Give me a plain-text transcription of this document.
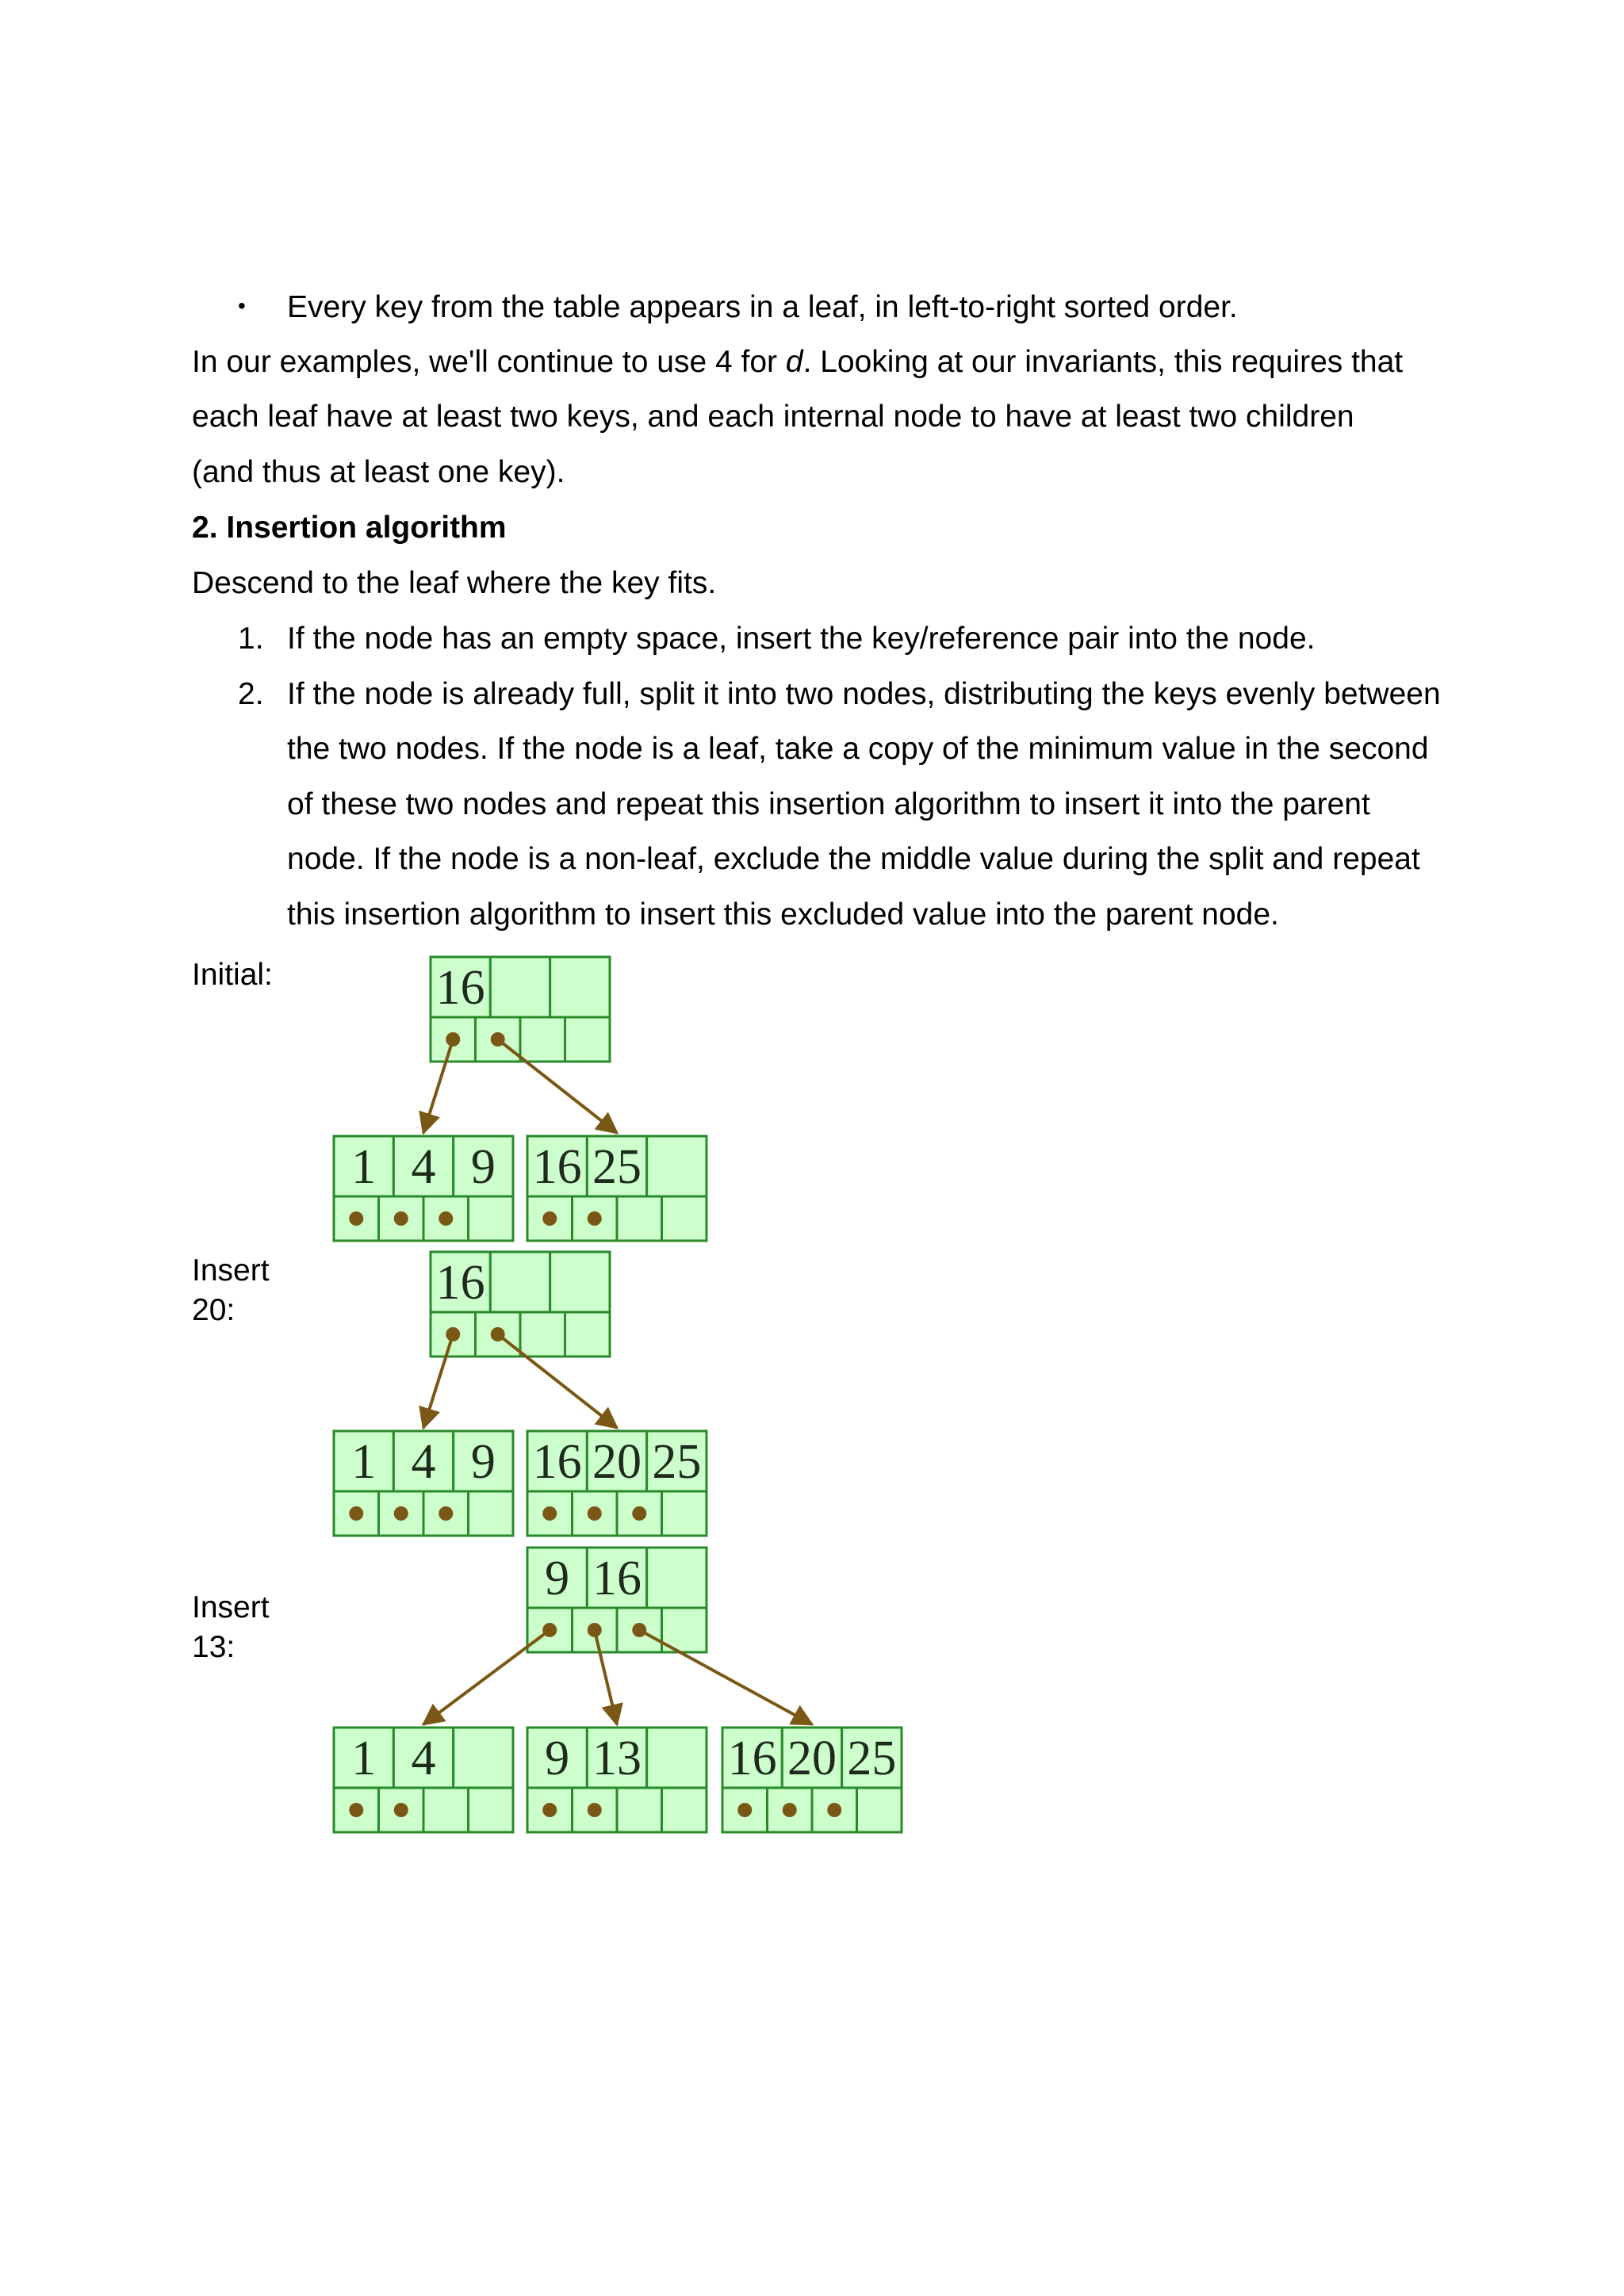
• Every key from the table appears in a leaf, in left-to-right sorted order.
In our examples, we'll continue to use 4 for d. Looking at our invariants, this requires that
each leaf have at least two keys, and each internal node to have at least two children
(and thus at least one key).
2. Insertion algorithm
Descend to the leaf where the key fits.
1. If the node has an empty space, insert the key/reference pair into the node.
2. If the node is already full, split it into two nodes, distributing the keys evenly between
the two nodes. If the node is a leaf, take a copy of the minimum value in the second
of these two nodes and repeat this insertion algorithm to insert it into the parent
node. If the node is a non-leaf, exclude the middle value during the split and repeat
this insertion algorithm to insert this excluded value into the parent node.
Initial:
Insert
20:
Insert
13:
16
1 4 9 16 25
16
1 4 9 16 20 25
9 16
1 4 9 13 16 20 25
